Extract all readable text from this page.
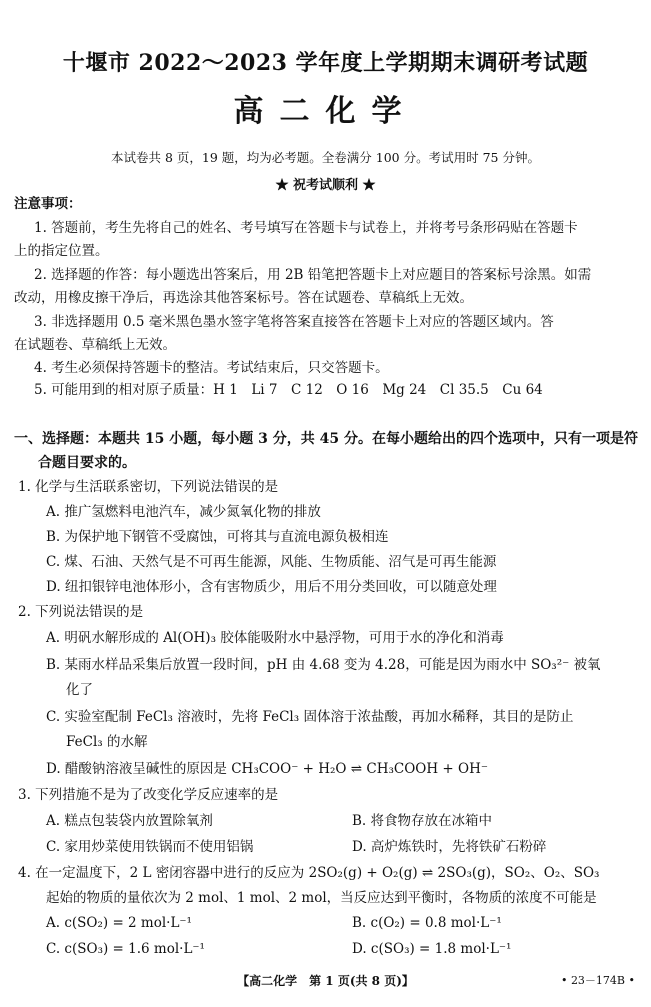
十堰市 2022～2023 学年度上学期期末调研考试题
高二化学
本试卷共 8 页，19 题，均为必考题。全卷满分 100 分。考试用时 75 分钟。
★ 祝考试顺利 ★
注意事项：
1. 答题前，考生先将自己的姓名、考号填写在答题卡与试卷上，并将考号条形码贴在答题卡
上的指定位置。
2. 选择题的作答：每小题选出答案后，用 2B 铅笔把答题卡上对应题目的答案标号涂黑。如需
改动，用橡皮擦干净后，再选涂其他答案标号。答在试题卷、草稿纸上无效。
3. 非选择题用 0.5 毫米黑色墨水签字笔将答案直接答在答题卡上对应的答题区域内。答
在试题卷、草稿纸上无效。
4. 考生必须保持答题卡的整洁。考试结束后，只交答题卡。
5. 可能用到的相对原子质量：H 1　Li 7　C 12　O 16　Mg 24　Cl 35.5　Cu 64
一、选择题：本题共 15 小题，每小题 3 分，共 45 分。在每小题给出的四个选项中，只有一项是符
合题目要求的。
1. 化学与生活联系密切，下列说法错误的是
A. 推广氢燃料电池汽车，减少氮氧化物的排放
B. 为保护地下钢管不受腐蚀，可将其与直流电源负极相连
C. 煤、石油、天然气是不可再生能源，风能、生物质能、沼气是可再生能源
D. 纽扣银锌电池体形小，含有害物质少，用后不用分类回收，可以随意处理
2. 下列说法错误的是
A. 明矾水解形成的 Al(OH)₃ 胶体能吸附水中悬浮物，可用于水的净化和消毒
B. 某雨水样品采集后放置一段时间，pH 由 4.68 变为 4.28，可能是因为雨水中 SO₃²⁻ 被氧
化了
C. 实验室配制 FeCl₃ 溶液时，先将 FeCl₃ 固体溶于浓盐酸，再加水稀释，其目的是防止
FeCl₃ 的水解
D. 醋酸钠溶液呈碱性的原因是 CH₃COO⁻ + H₂O ⇌ CH₃COOH + OH⁻
3. 下列措施不是为了改变化学反应速率的是
A. 糕点包装袋内放置除氧剂	B. 将食物存放在冰箱中
C. 家用炒菜使用铁锅而不使用铝锅	D. 高炉炼铁时，先将铁矿石粉碎
4. 在一定温度下，2 L 密闭容器中进行的反应为 2SO₂(g) + O₂(g) ⇌ 2SO₃(g)，SO₂、O₂、SO₃
起始的物质的量依次为 2 mol、1 mol、2 mol，当反应达到平衡时，各物质的浓度不可能是
A. c(SO₂) = 2 mol·L⁻¹	B. c(O₂) = 0.8 mol·L⁻¹
C. c(SO₃) = 1.6 mol·L⁻¹	D. c(SO₃) = 1.8 mol·L⁻¹
【高二化学　第 1 页(共 8 页)】	• 23－174B •
